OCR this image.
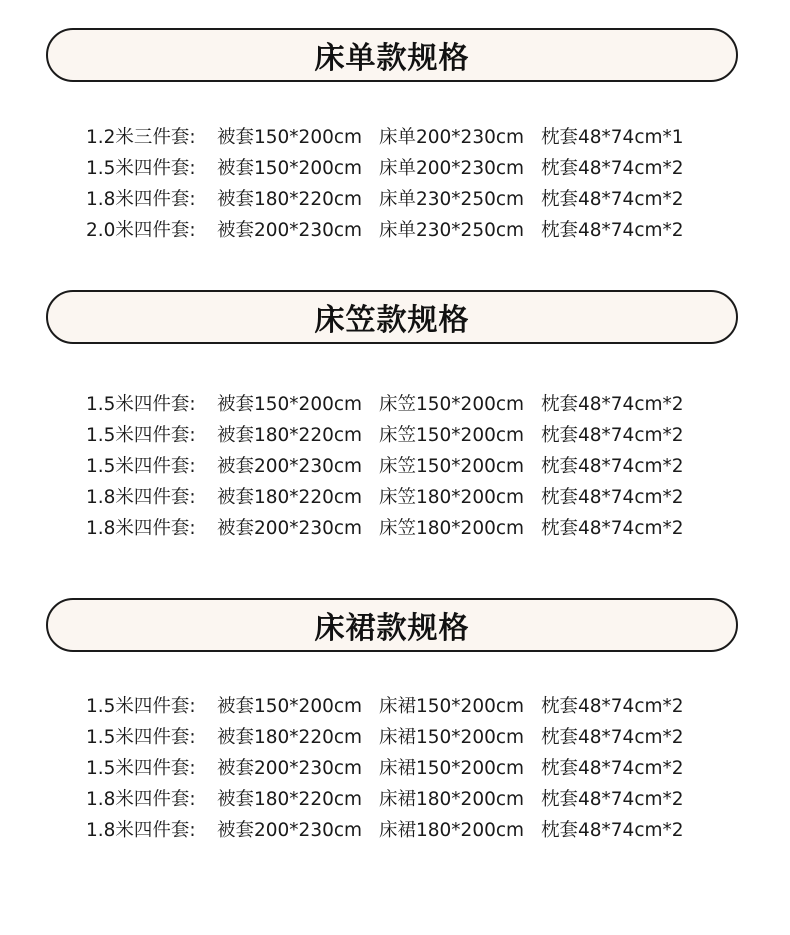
床单款规格
1.2米三件套: 被套150*200cm 床单200*230cm 枕套48*74cm*1
1.5米四件套: 被套150*200cm 床单200*230cm 枕套48*74cm*2
1.8米四件套: 被套180*220cm 床单230*250cm 枕套48*74cm*2
2.0米四件套: 被套200*230cm 床单230*250cm 枕套48*74cm*2
床笠款规格
1.5米四件套: 被套150*200cm 床笠150*200cm 枕套48*74cm*2
1.5米四件套: 被套180*220cm 床笠150*200cm 枕套48*74cm*2
1.5米四件套: 被套200*230cm 床笠150*200cm 枕套48*74cm*2
1.8米四件套: 被套180*220cm 床笠180*200cm 枕套48*74cm*2
1.8米四件套: 被套200*230cm 床笠180*200cm 枕套48*74cm*2
床裙款规格
1.5米四件套: 被套150*200cm 床裙150*200cm 枕套48*74cm*2
1.5米四件套: 被套180*220cm 床裙150*200cm 枕套48*74cm*2
1.5米四件套: 被套200*230cm 床裙150*200cm 枕套48*74cm*2
1.8米四件套: 被套180*220cm 床裙180*200cm 枕套48*74cm*2
1.8米四件套: 被套200*230cm 床裙180*200cm 枕套48*74cm*2
